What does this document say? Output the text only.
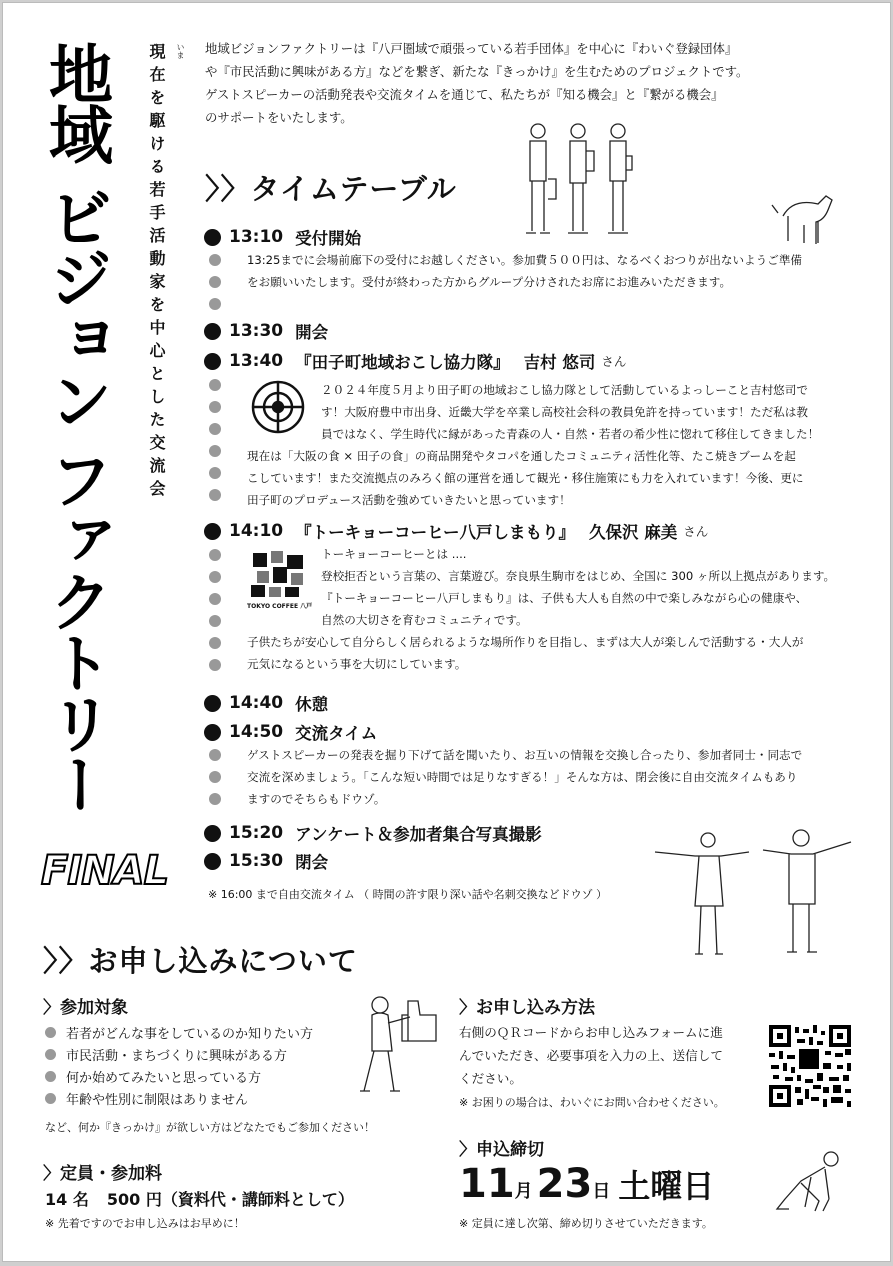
地域
ビジョンファクトリー
FINAL
いま
現在を駆ける若手活動家を中心とした交流会	地域ビジョンファクトリーは『八戸圏域で頑張っている若手団体』を中心に『わいぐ登録団体』
や『市民活動に興味がある方』などを繋ぎ、新たな『きっかけ』を生むためのプロジェクトです。
ゲストスピーカーの活動発表や交流タイムを通じて、私たちが『知る機会』と『繋がる機会』
のサポートをいたします。
〉〉タイムテーブル
13:10 受付開始
13:25までに会場前廊下の受付にお越しください。参加費５００円は、なるべくおつりが出ないようご準備
をお願いいたします。受付が終わった方からグループ分けされたお席にお進みいただきます。
13:30 開会
13:40 『田子町地域おこし協力隊』 吉村 悠司 さん
２０２４年度５月より田子町の地域おこし協力隊として活動しているよっしーこと吉村悠司で
す！大阪府豊中市出身、近畿大学を卒業し高校社会科の教員免許を持っています！ただ私は教
員ではなく、学生時代に縁があった青森の人・自然・若者の希少性に惚れて移住してきました！
現在は「大阪の食 × 田子の食」の商品開発やタコパを通したコミュニティ活性化等、たこ焼きブームを起
こしています！また交流拠点のみろく館の運営を通して観光・移住施策にも力を入れています！今後、更に
田子町のプロデュース活動を強めていきたいと思っています！
14:10 『トーキョーコーヒー八戸しまもり』 久保沢 麻美 さん
TOKYO COFFEE 八戸
トーキョーコーヒーとは ....
登校拒否という言葉の、言葉遊び。奈良県生駒市をはじめ、全国に 300 ヶ所以上拠点があります。
『トーキョーコーヒー八戸しまもり』は、子供も大人も自然の中で楽しみながら心の健康や、
自然の大切さを育むコミュニティです。
子供たちが安心して自分らしく居られるような場所作りを目指し、まずは大人が楽しんで活動する・大人が
元気になるという事を大切にしています。
14:40 休憩
14:50 交流タイム
ゲストスピーカーの発表を掘り下げて話を聞いたり、お互いの情報を交換し合ったり、参加者同士・同志で
交流を深めましょう。「こんな短い時間では足りなすぎる！」そんな方は、閉会後に自由交流タイムもあり
ますのでそちらもドウゾ。
15:20 アンケート＆参加者集合写真撮影
15:30 閉会
※ 16:00 まで自由交流タイム （ 時間の許す限り深い話や名刺交換などドウゾ ）
〉〉お申し込みについて
〉参加対象
若者がどんな事をしているのか知りたい方
市民活動・まちづくりに興味がある方
何か始めてみたいと思っている方
年齢や性別に制限はありません
など、何か『きっかけ』が欲しい方はどなたでもご参加ください！
〉定員・参加料
14 名 500 円（資料代・講師料として）
※ 先着ですのでお申し込みはお早めに！
〉お申し込み方法
右側のＱＲコードからお申し込みフォームに進
んでいただき、必要事項を入力の上、送信して
ください。
※ お困りの場合は、わいぐにお問い合わせください。
〉申込締切
11月 23日 土曜日
※ 定員に達し次第、締め切りさせていただきます。
